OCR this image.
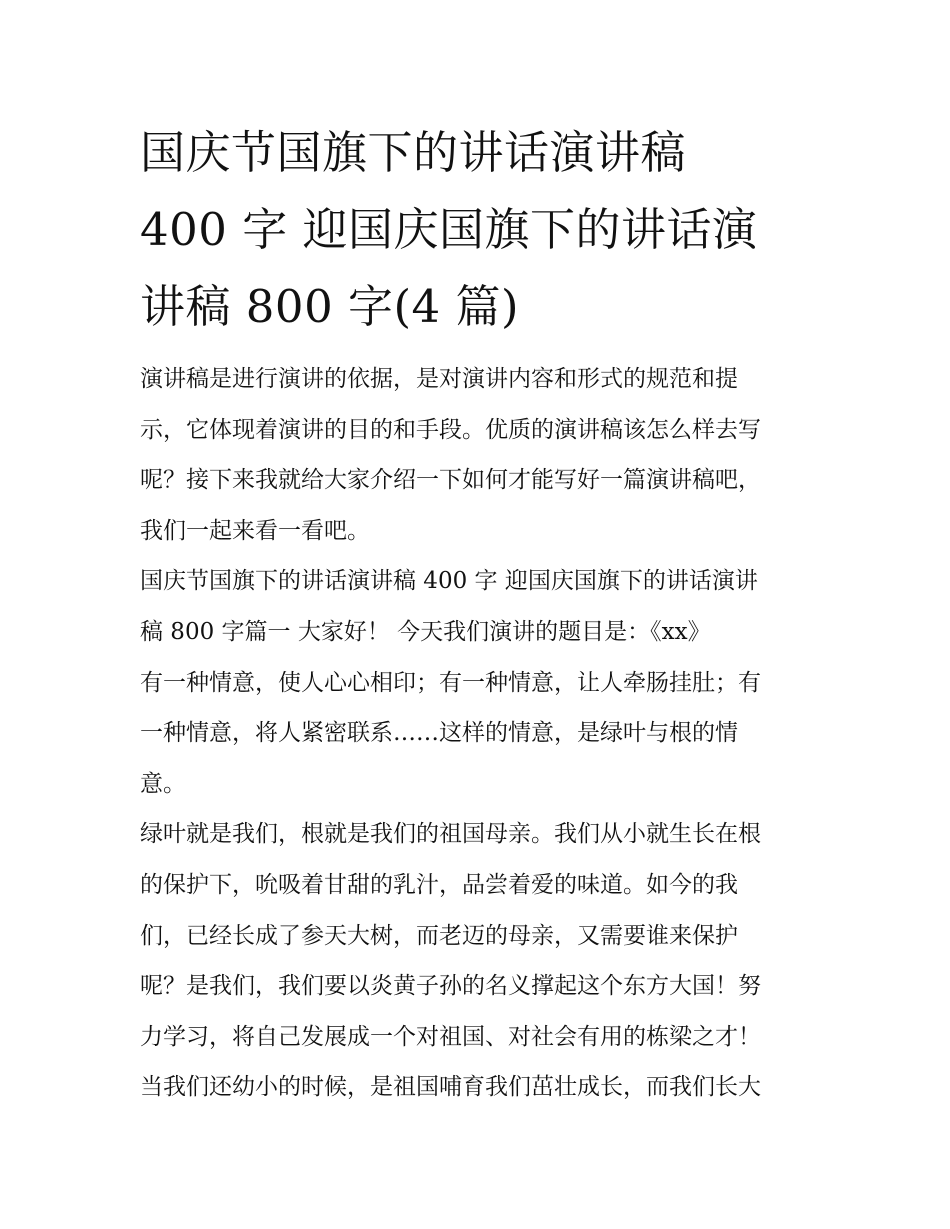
国庆节国旗下的讲话演讲稿
400 字 迎国庆国旗下的讲话演
讲稿 800 字(4 篇)
演讲稿是进行演讲的依据，是对演讲内容和形式的规范和提
示，它体现着演讲的目的和手段。优质的演讲稿该怎么样去写
呢？接下来我就给大家介绍一下如何才能写好一篇演讲稿吧，
我们一起来看一看吧。
国庆节国旗下的讲话演讲稿 400 字 迎国庆国旗下的讲话演讲
稿 800 字篇一 大家好！ 今天我们演讲的题目是：《xx》
有一种情意，使人心心相印；有一种情意，让人牵肠挂肚；有
一种情意，将人紧密联系……这样的情意，是绿叶与根的情
意。
绿叶就是我们，根就是我们的祖国母亲。我们从小就生长在根
的保护下，吮吸着甘甜的乳汁，品尝着爱的味道。如今的我
们，已经长成了参天大树，而老迈的母亲，又需要谁来保护
呢？是我们，我们要以炎黄子孙的名义撑起这个东方大国！努
力学习，将自己发展成一个对祖国、对社会有用的栋梁之才！
当我们还幼小的时候，是祖国哺育我们茁壮成长，而我们长大
